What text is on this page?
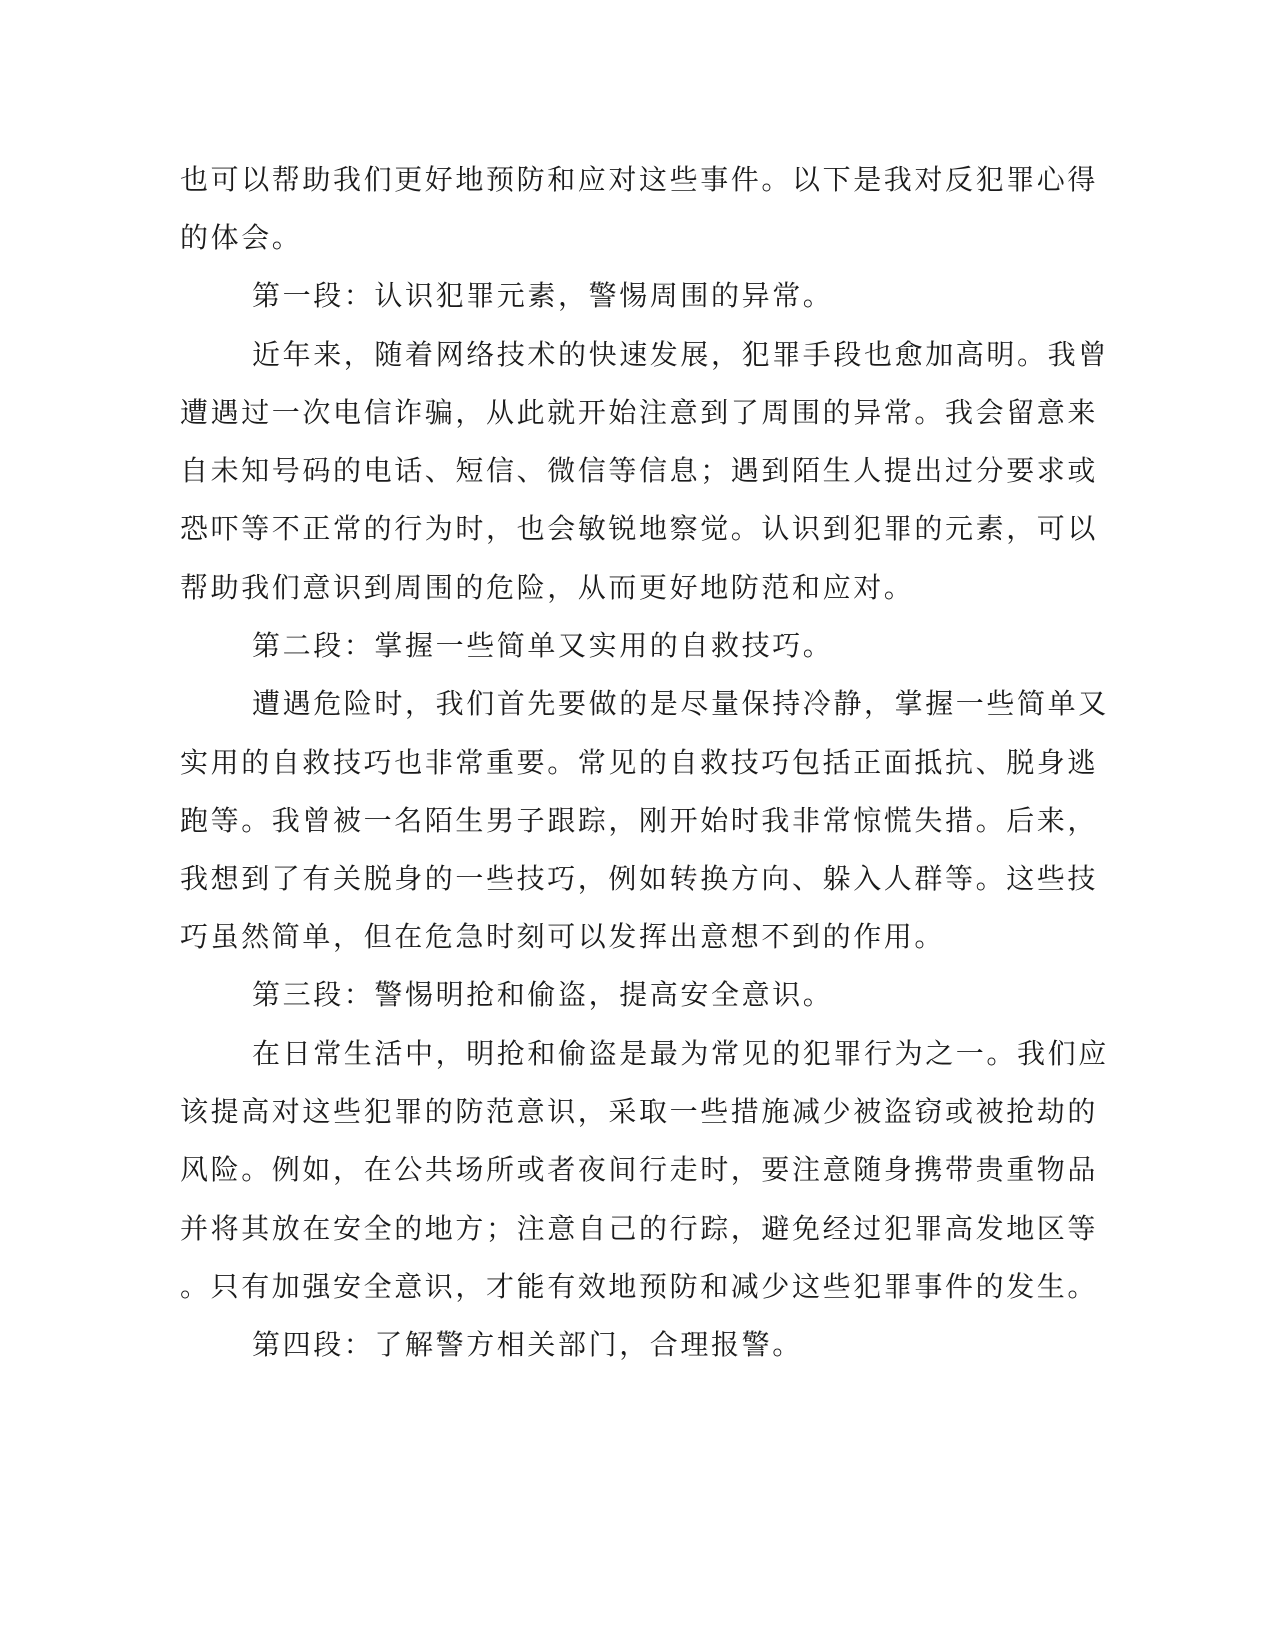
也可以帮助我们更好地预防和应对这些事件。以下是我对反犯罪心得

的体会。

第一段：认识犯罪元素，警惕周围的异常。

近年来，随着网络技术的快速发展，犯罪手段也愈加高明。我曾

遭遇过一次电信诈骗，从此就开始注意到了周围的异常。我会留意来

自未知号码的电话、短信、微信等信息；遇到陌生人提出过分要求或

恐吓等不正常的行为时，也会敏锐地察觉。认识到犯罪的元素，可以

帮助我们意识到周围的危险，从而更好地防范和应对。

第二段：掌握一些简单又实用的自救技巧。

遭遇危险时，我们首先要做的是尽量保持冷静，掌握一些简单又

实用的自救技巧也非常重要。常见的自救技巧包括正面抵抗、脱身逃

跑等。我曾被一名陌生男子跟踪，刚开始时我非常惊慌失措。后来，

我想到了有关脱身的一些技巧，例如转换方向、躲入人群等。这些技

巧虽然简单，但在危急时刻可以发挥出意想不到的作用。

第三段：警惕明抢和偷盗，提高安全意识。

在日常生活中，明抢和偷盗是最为常见的犯罪行为之一。我们应

该提高对这些犯罪的防范意识，采取一些措施减少被盗窃或被抢劫的

风险。例如，在公共场所或者夜间行走时，要注意随身携带贵重物品

并将其放在安全的地方；注意自己的行踪，避免经过犯罪高发地区等

。只有加强安全意识，才能有效地预防和减少这些犯罪事件的发生。

第四段：了解警方相关部门，合理报警。
